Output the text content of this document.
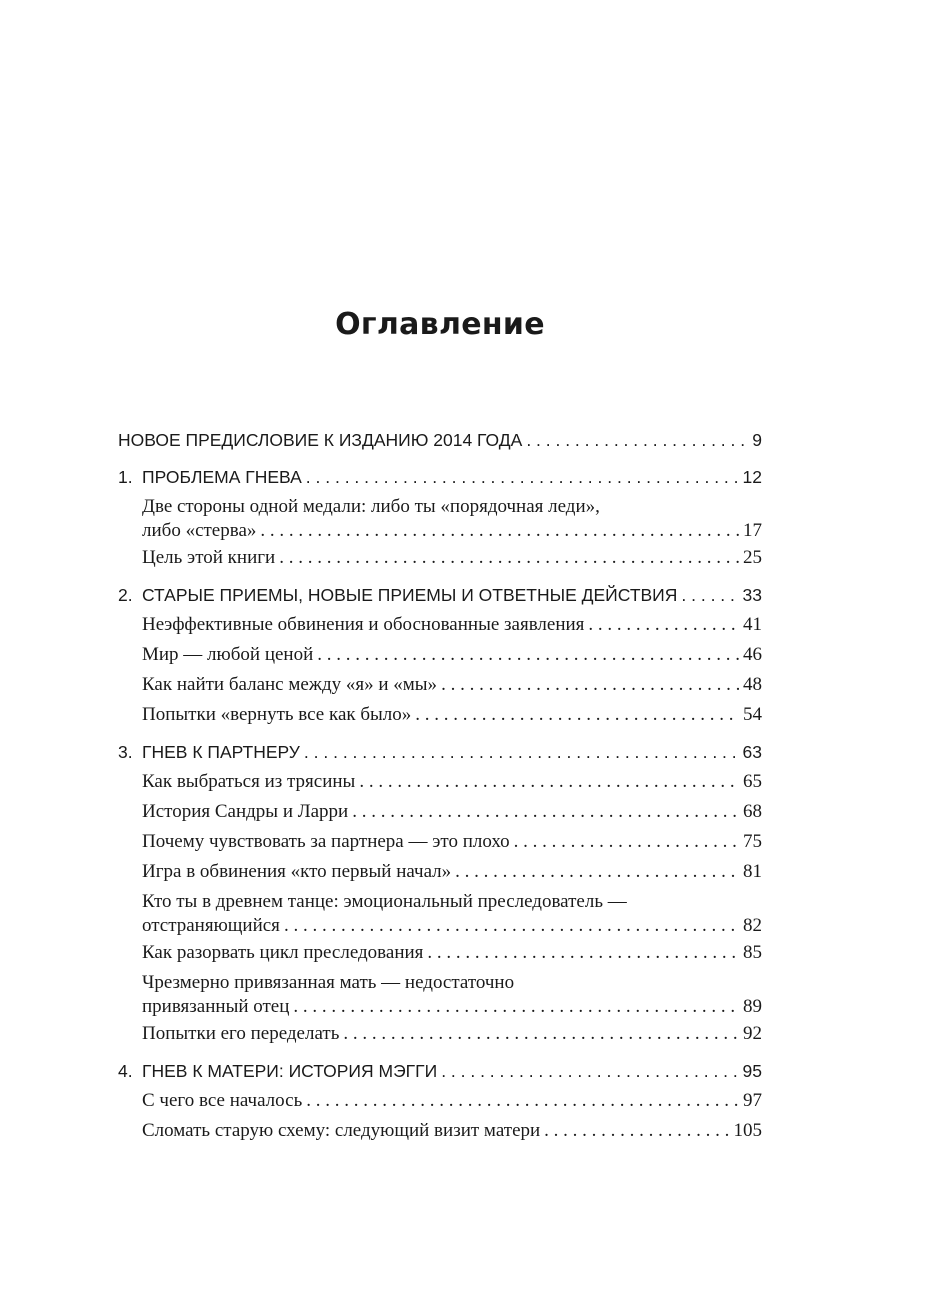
Оглавление
НОВОЕ ПРЕДИСЛОВИЕ К ИЗДАНИЮ 2014 ГОДА . . .	9
1. ПРОБЛЕМА ГНЕВА . . .	12
Две стороны одной медали: либо ты «порядочная леди»,
либо «стерва» . . .	17
Цель этой книги . . .	25
2. СТАРЫЕ ПРИЕМЫ, НОВЫЕ ПРИЕМЫ И ОТВЕТНЫЕ ДЕЙСТВИЯ . . .	33
Неэффективные обвинения и обоснованные заявления . . .	41
Мир — любой ценой . . .	46
Как найти баланс между «я» и «мы» . . .	48
Попытки «вернуть все как было» . . .	54
3. ГНЕВ К ПАРТНЕРУ . . .	63
Как выбраться из трясины . . .	65
История Сандры и Ларри . . .	68
Почему чувствовать за партнера — это плохо . . .	75
Игра в обвинения «кто первый начал» . . .	81
Кто ты в древнем танце: эмоциональный преследователь —
отстраняющийся . . .	82
Как разорвать цикл преследования . . .	85
Чрезмерно привязанная мать — недостаточно
привязанный отец . . .	89
Попытки его переделать . . .	92
4. ГНЕВ К МАТЕРИ: ИСТОРИЯ МЭГГИ . . .	95
С чего все началось . . .	97
Сломать старую схему: следующий визит матери . . .	105
